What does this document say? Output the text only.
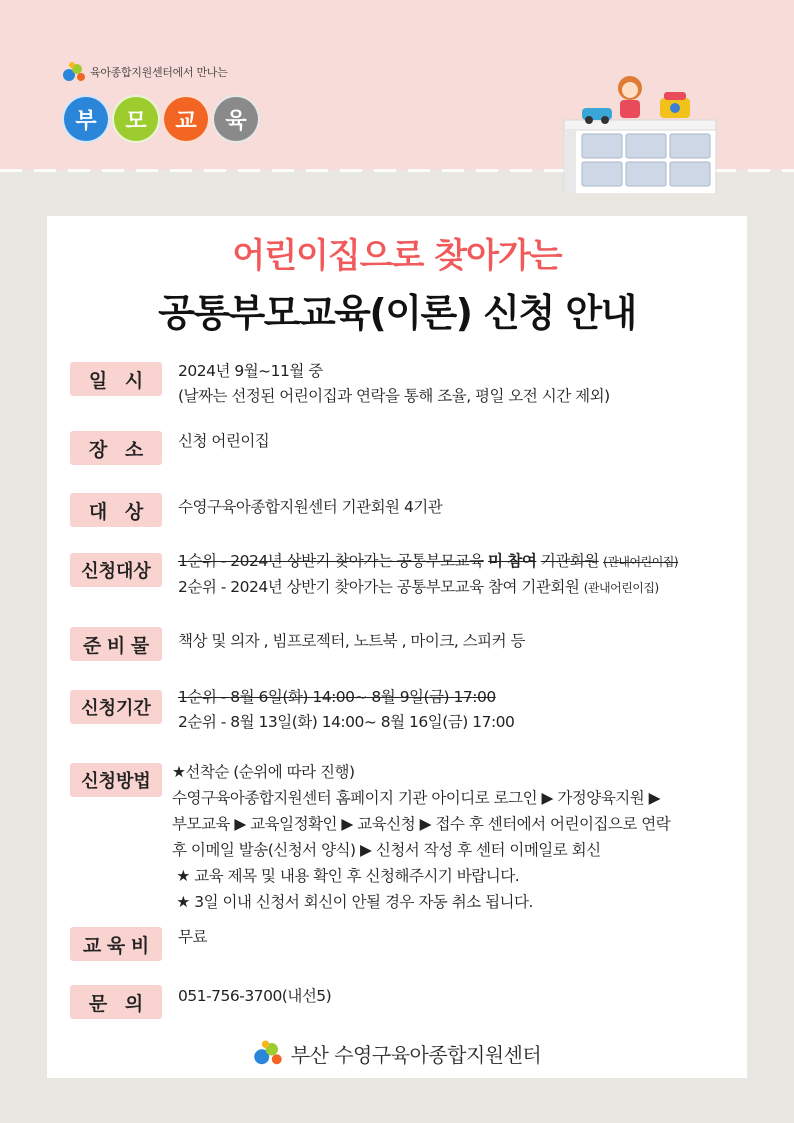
육아종합지원센터에서 만나는
부	모	교	육
어린이집으로 찾아가는
공통부모교육(이론) 신청 안내
일 시 2024년 9월~11월 중
(날짜는 선정된 어린이집과 연락을 통해 조율, 평일 오전 시간 제외)
장 소 신청 어린이집
대 상 수영구육아종합지원센터 기관회원 4기관
신청대상	1순위 - 2024년 상반기 찾아가는 공통부모교육 미 참여 기관회원 (관내어린이집)
2순위 - 2024년 상반기 찾아가는 공통부모교육 참여 기관회원 (관내어린이집)
준 비 물 책상 및 의자 , 빔프로젝터, 노트북 , 마이크, 스피커 등
신청기간
1순위 - 8월 6일(화) 14:00~ 8월 9일(금) 17:00
2순위 - 8월 13일(화) 14:00~ 8월 16일(금) 17:00
신청방법	★선착순 (순위에 따라 진행)
수영구육아종합지원센터 홈페이지 기관 아이디로 로그인 ▶ 가정양육지원 ▶
부모교육 ▶ 교육일정확인 ▶ 교육신청 ▶ 접수 후 센터에서 어린이집으로 연락
후 이메일 발송(신청서 양식) ▶ 신청서 작성 후 센터 이메일로 회신
★ 교육 제목 및 내용 확인 후 신청해주시기 바랍니다.
★ 3일 이내 신청서 회신이 안될 경우 자동 취소 됩니다.
교 육 비 무료
문 의 051-756-3700(내선5)
부산 수영구육아종합지원센터
